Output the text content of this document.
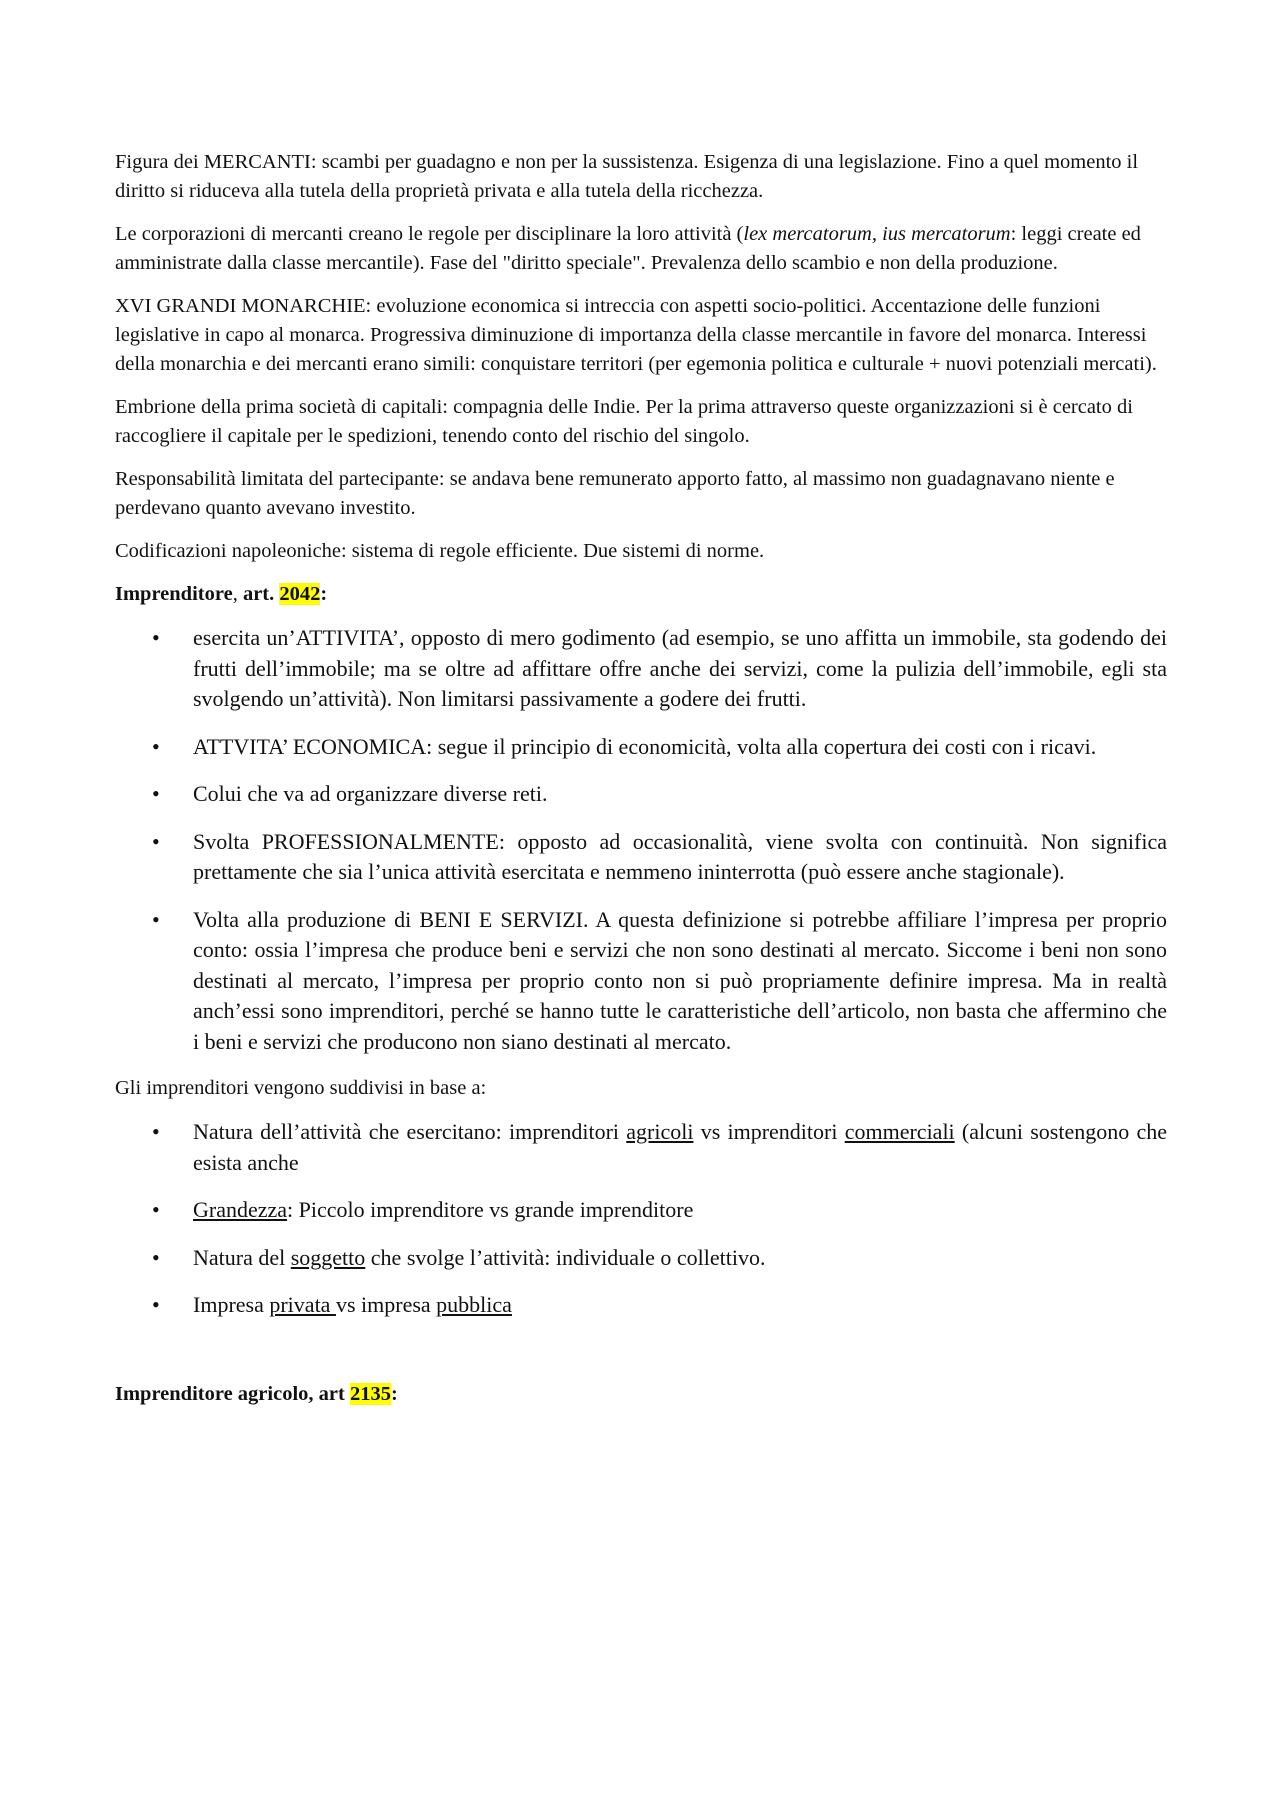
Figura dei MERCANTI: scambi per guadagno e non per la sussistenza. Esigenza di una legislazione. Fino a quel momento il diritto si riduceva alla tutela della proprietà privata e alla tutela della ricchezza.

Le corporazioni di mercanti creano le regole per disciplinare la loro attività (lex mercatorum, ius mercatorum: leggi create ed amministrate dalla classe mercantile). Fase del "diritto speciale". Prevalenza dello scambio e non della produzione.

XVI GRANDI MONARCHIE: evoluzione economica si intreccia con aspetti socio-politici. Accentazione delle funzioni legislative in capo al monarca. Progressiva diminuzione di importanza della classe mercantile in favore del monarca. Interessi della monarchia e dei mercanti erano simili: conquistare territori (per egemonia politica e culturale + nuovi potenziali mercati).

Embrione della prima società di capitali: compagnia delle Indie. Per la prima attraverso queste organizzazioni si è cercato di raccogliere il capitale per le spedizioni, tenendo conto del rischio del singolo.

Responsabilità limitata del partecipante: se andava bene remunerato apporto fatto, al massimo non guadagnavano niente e perdevano quanto avevano investito.

Codificazioni napoleoniche: sistema di regole efficiente. Due sistemi di norme.

Imprenditore, art. 2042:

• esercita un’ATTIVITA’, opposto di mero godimento (ad esempio, se uno affitta un immobile, sta godendo dei frutti dell’immobile; ma se oltre ad affittare offre anche dei servizi, come la pulizia dell’immobile, egli sta svolgendo un’attività). Non limitarsi passivamente a godere dei frutti.
• ATTVITA’ ECONOMICA: segue il principio di economicità, volta alla copertura dei costi con i ricavi.
• Colui che va ad organizzare diverse reti.
• Svolta PROFESSIONALMENTE: opposto ad occasionalità, viene svolta con continuità. Non significa prettamente che sia l’unica attività esercitata e nemmeno ininterrotta (può essere anche stagionale).
• Volta alla produzione di BENI E SERVIZI. A questa definizione si potrebbe affiliare l’impresa per proprio conto: ossia l’impresa che produce beni e servizi che non sono destinati al mercato. Siccome i beni non sono destinati al mercato, l’impresa per proprio conto non si può propriamente definire impresa. Ma in realtà anch’essi sono imprenditori, perché se hanno tutte le caratteristiche dell’articolo, non basta che affermino che i beni e servizi che producono non siano destinati al mercato.

Gli imprenditori vengono suddivisi in base a:

• Natura dell’attività che esercitano: imprenditori agricoli vs imprenditori commerciali (alcuni sostengono che esista anche
• Grandezza: Piccolo imprenditore vs grande imprenditore
• Natura del soggetto che svolge l’attività: individuale o collettivo.
• Impresa privata vs impresa pubblica

Imprenditore agricolo, art 2135:
